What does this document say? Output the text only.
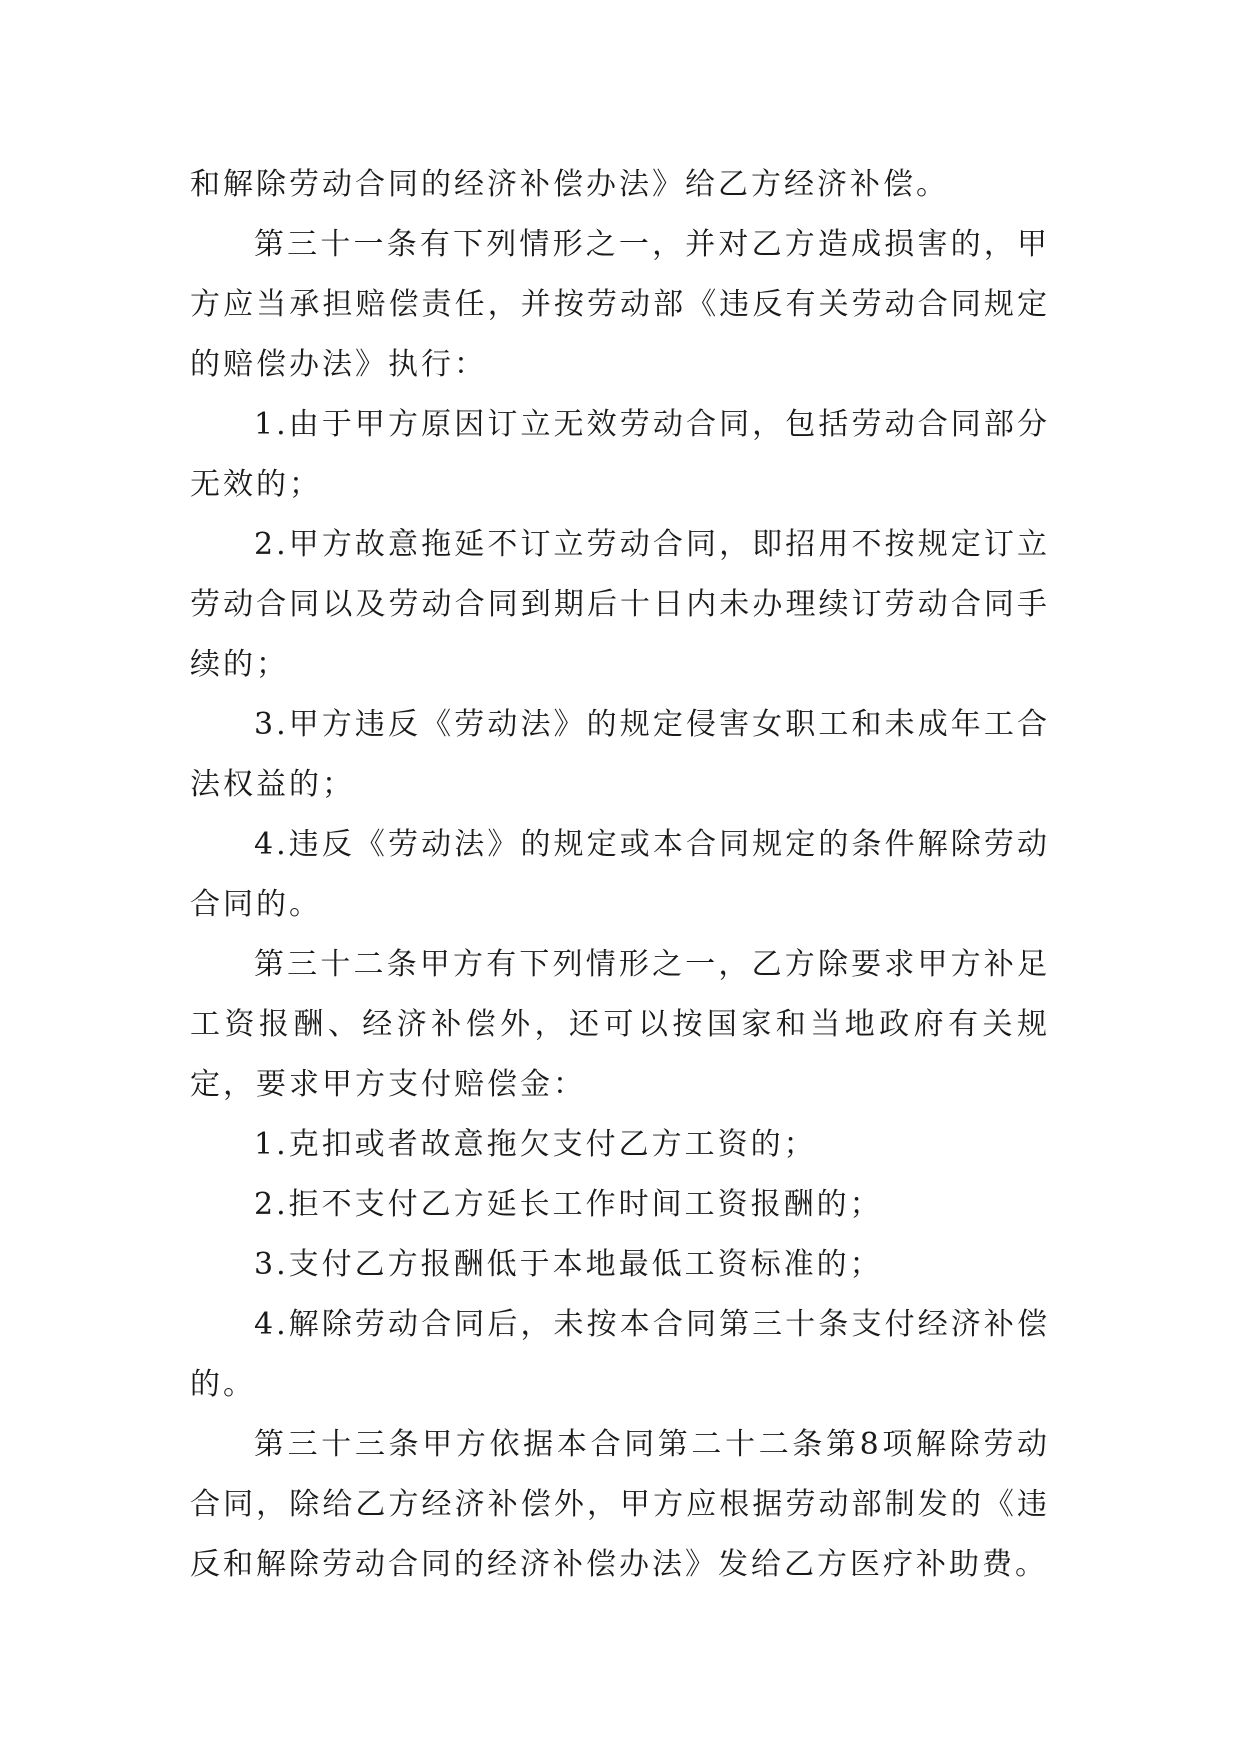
和解除劳动合同的经济补偿办法》给乙方经济补偿。

第三十一条有下列情形之一，并对乙方造成损害的，甲方应当承担赔偿责任，并按劳动部《违反有关劳动合同规定的赔偿办法》执行：

1.由于甲方原因订立无效劳动合同，包括劳动合同部分无效的；

2.甲方故意拖延不订立劳动合同，即招用不按规定订立劳动合同以及劳动合同到期后十日内未办理续订劳动合同手续的；

3.甲方违反《劳动法》的规定侵害女职工和未成年工合法权益的；

4.违反《劳动法》的规定或本合同规定的条件解除劳动合同的。

第三十二条甲方有下列情形之一，乙方除要求甲方补足工资报酬、经济补偿外，还可以按国家和当地政府有关规定，要求甲方支付赔偿金：

1.克扣或者故意拖欠支付乙方工资的；

2.拒不支付乙方延长工作时间工资报酬的；

3.支付乙方报酬低于本地最低工资标准的；

4.解除劳动合同后，未按本合同第三十条支付经济补偿的。

第三十三条甲方依据本合同第二十二条第8项解除劳动合同，除给乙方经济补偿外，甲方应根据劳动部制发的《违反和解除劳动合同的经济补偿办法》发给乙方医疗补助费。
